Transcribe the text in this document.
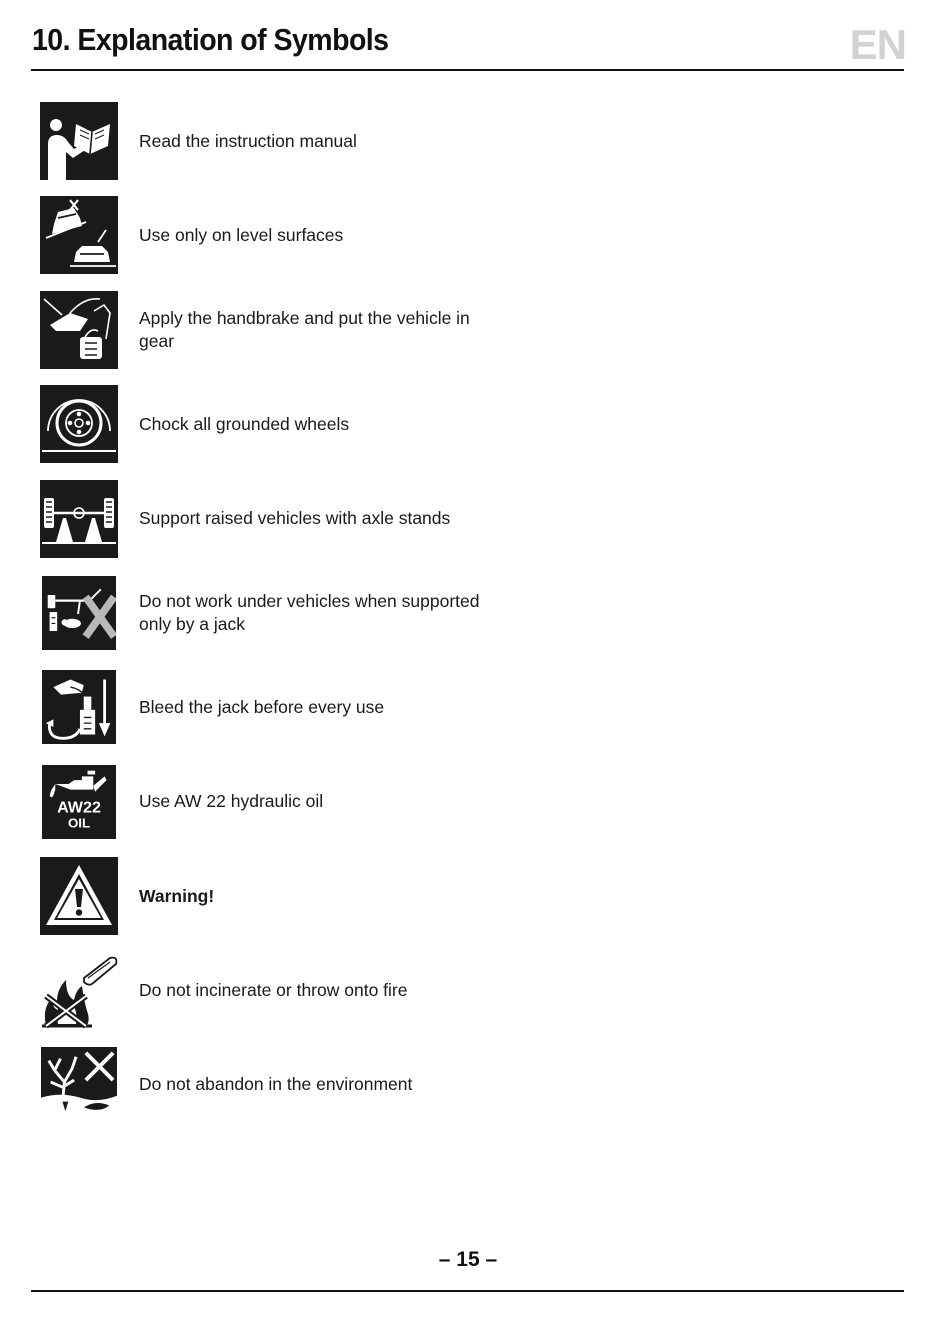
10. Explanation of Symbols	EN
Read the instruction manual
Use only on level surfaces
Apply the handbrake and put the vehicle in gear
Chock all grounded wheels
Support raised vehicles with axle stands
Do not work under vehicles when supported only by a jack
Bleed the jack before every use
AW22
OIL
Use AW 22 hydraulic oil
Warning!
Do not incinerate or throw onto fire
Do not abandon in the environment
– 15 –
